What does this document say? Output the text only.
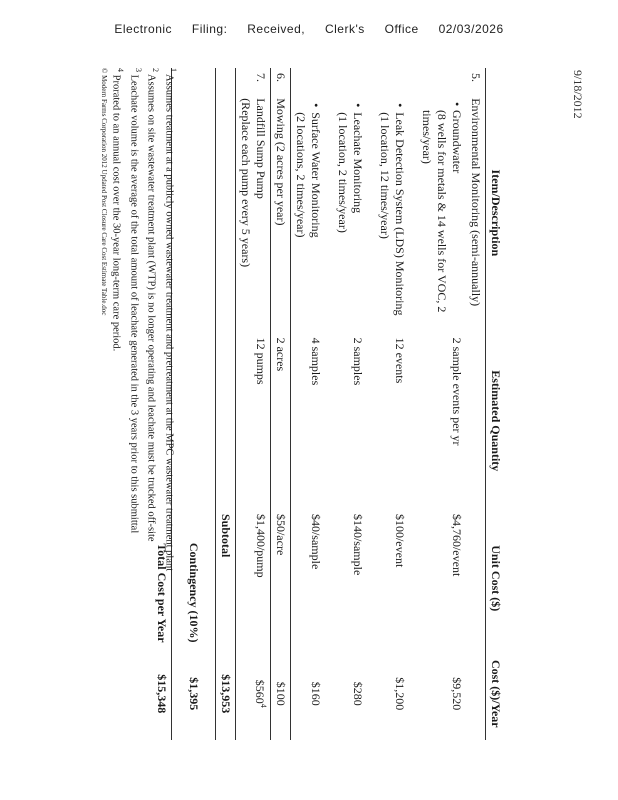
Electronic Filing: Received, Clerk's Office 02/03/2026
9/18/2012
	Item/Description	Estimated Quantity	Unit Cost ($)	Cost ($)/Year
5.	Environmental Monitoring (semi-annually)			

	•
Groundwater
(8 wells for metals & 14 wells for VOC, 2 times/year)	2 sample events per yr	$4,760/event	$9,520

	•
Leak Detection System (LDS) Monitoring
(1 location, 12 times/year)	12 events	$100/event	$1,200

	•
Leachate Monitoring
(1 location, 2 times/year)	2 samples	$140/sample	$280

	•
Surface Water Monitoring
(2 locations, 2 times/year)	4 samples	$40/sample	$160
6.	Mowing (2 acres per year)	2 acres	$50/acre	$100
7.	Landfill Sump Pump
(Replace each pump every 5 years)	12 pumps	$1,400/pump	$\$560^4$
			Subtotal	$13,953
			Contingency (10%)	$1,395
			Total Cost per Year	$15,348
$^1$ Assumes treatment at a publicly owned wastewater treatment and pretreatment at the MPC wastewater treatment plant
$^2$ Assumes on site wastewater treatment plant (WTP) is no longer operating and leachate must be trucked off-site
$^3$ Leachate volume is the average of the total amount of leachate generated in the 3 years prior to this submittal
$^4$ Prorated to an annual cost over the 30-year long-term care period.
© Modern Farms Corporation 2012 Updated Post Closure Care Cost Estimate Table.doc
